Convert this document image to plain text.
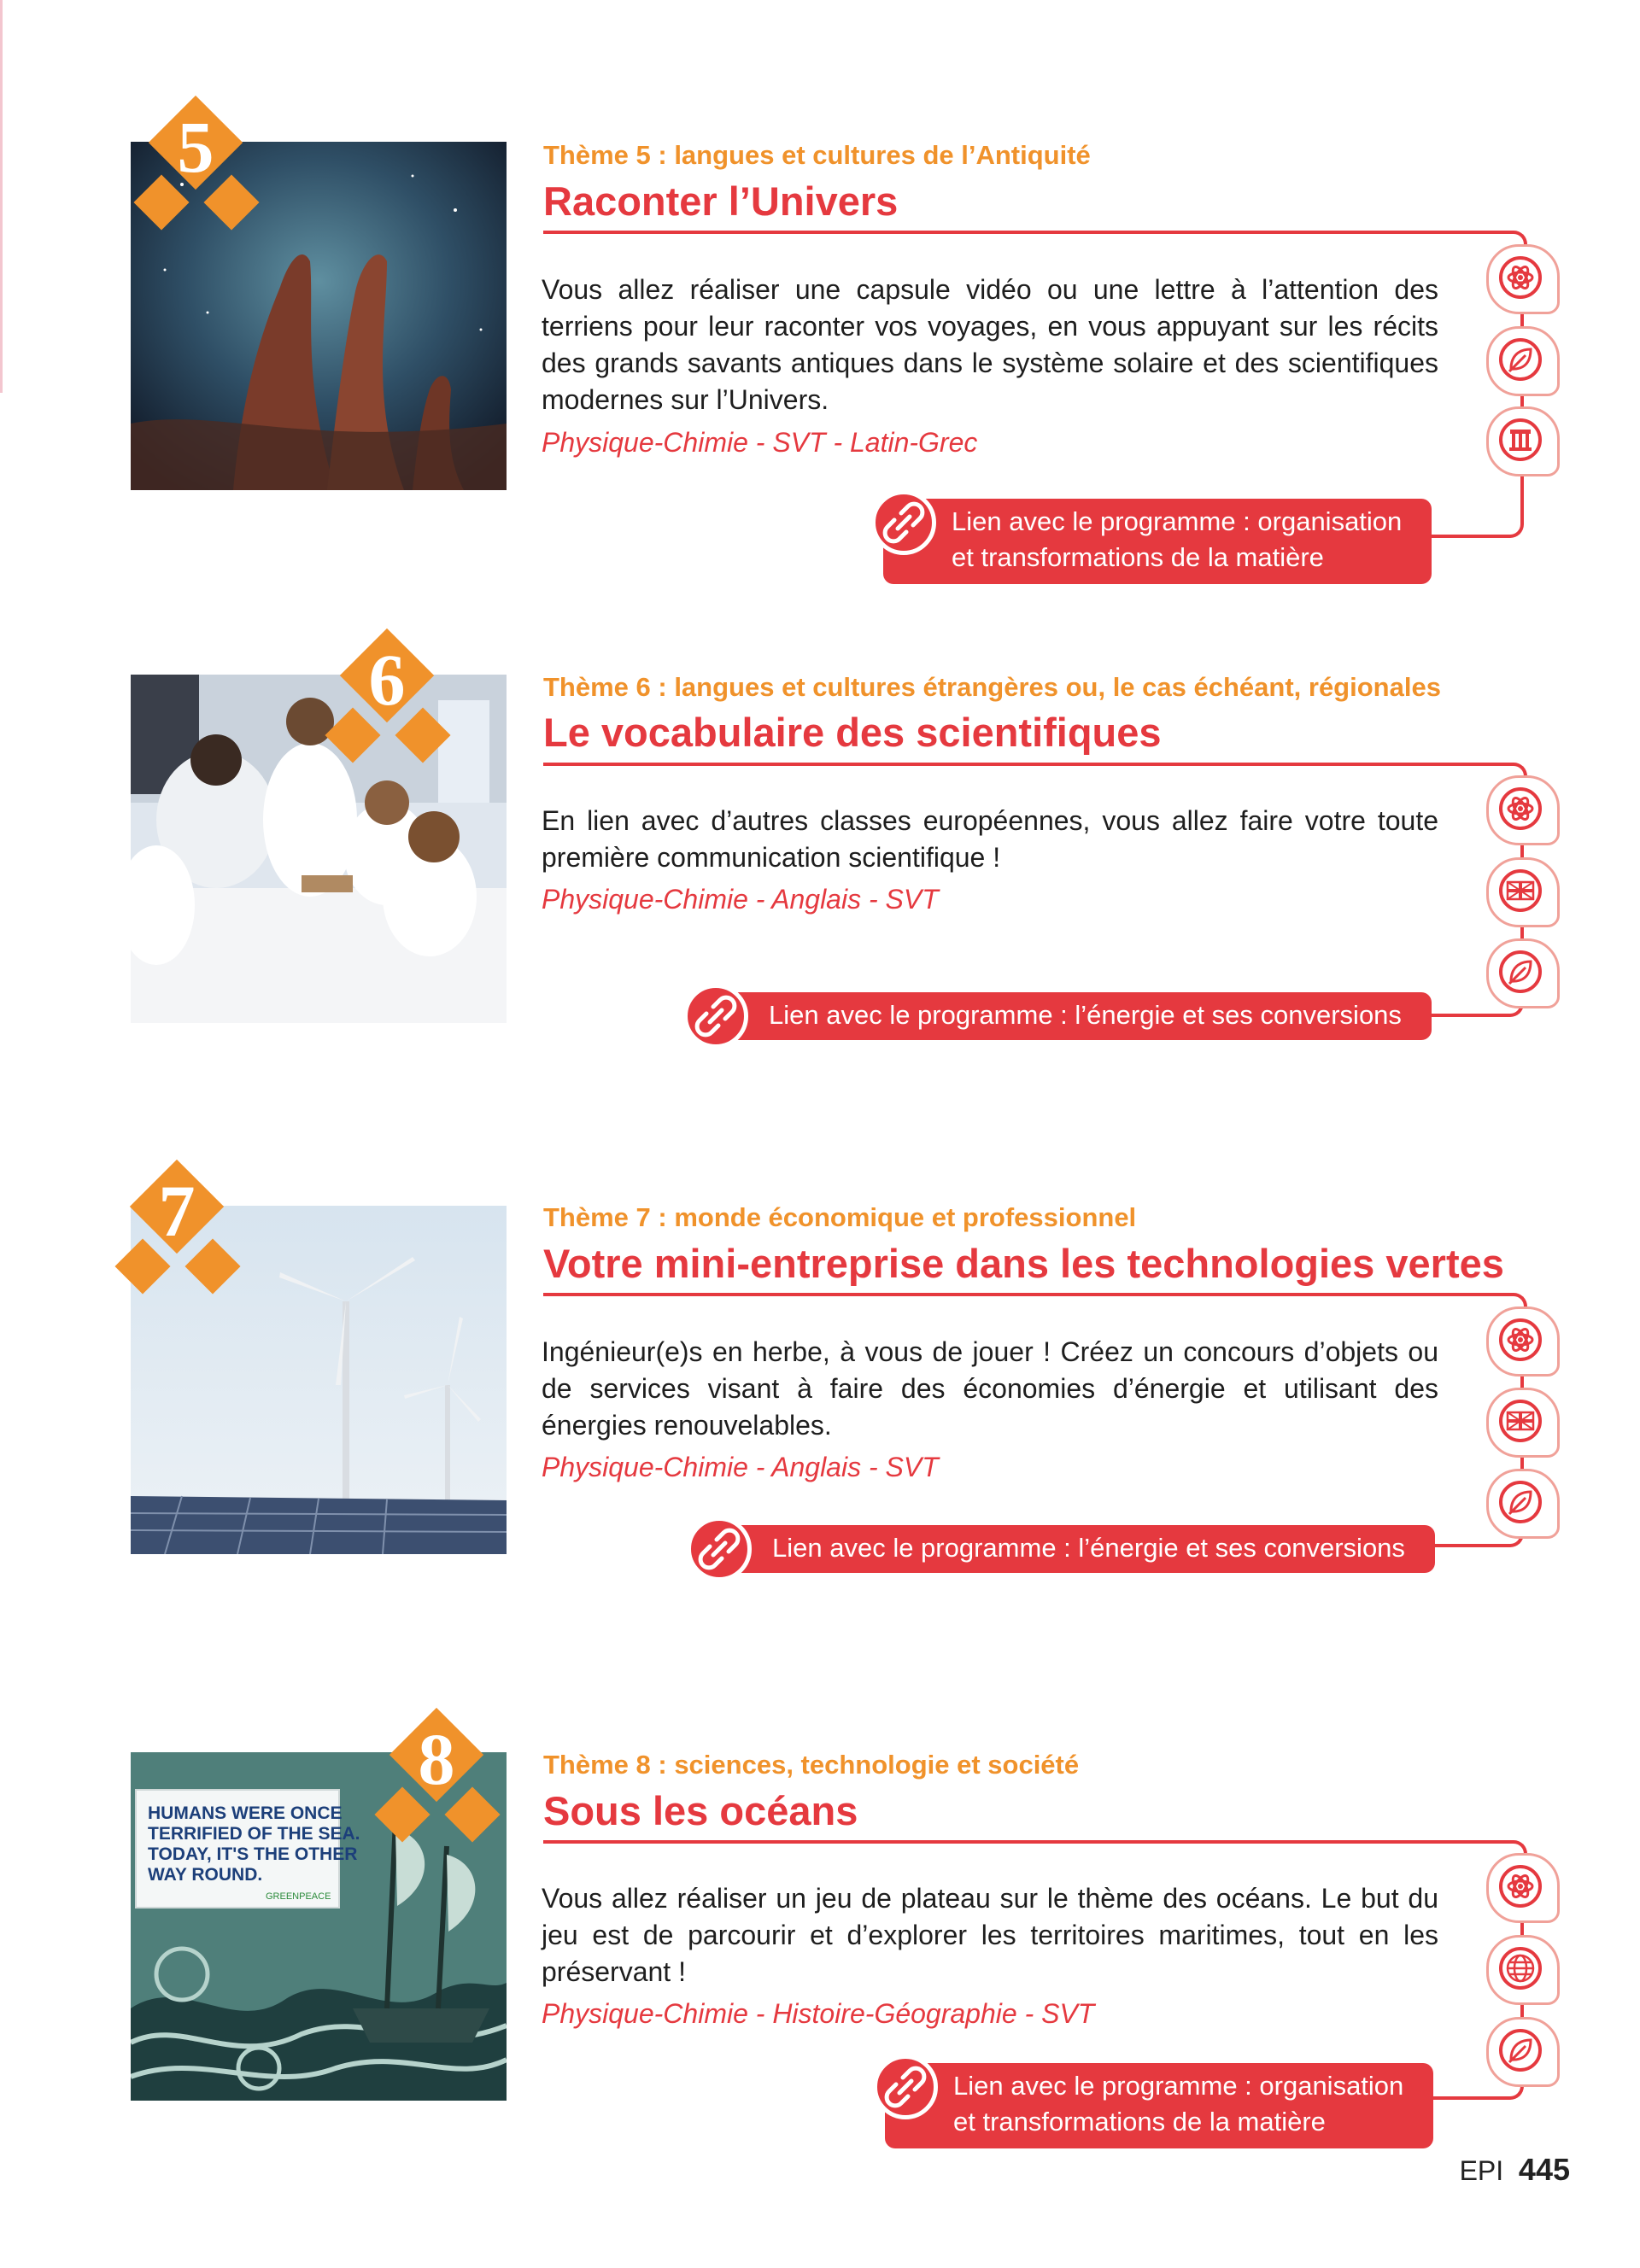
5	Thème 5 : langues et cultures de l’Antiquité
Raconter l’Univers
Vous allez réaliser une capsule vidéo ou une lettre à l’attention des terriens pour leur raconter vos voyages, en vous appuyant sur les récits des grands savants antiques dans le système solaire et des scientifiques modernes sur l’Univers.
Physique-Chimie - SVT - Latin-Grec
Lien avec le programme : organisation
et transformations de la matière
6	Thème 6 : langues et cultures étrangères ou, le cas échéant, régionales
Le vocabulaire des scientifiques
En lien avec d’autres classes européennes, vous allez faire votre toute première communication scientifique !
Physique-Chimie - Anglais - SVT
Lien avec le programme : l’énergie et ses conversions
7	Thème 7 : monde économique et professionnel
Votre mini-entreprise dans les technologies vertes
Ingénieur(e)s en herbe, à vous de jouer ! Créez un concours d’objets ou de services visant à faire des économies d’énergie et utilisant des énergies renouvelables.
Physique-Chimie - Anglais - SVT
Lien avec le programme : l’énergie et ses conversions
HUMANS WERE ONCE
TERRIFIED OF THE SEA.
TODAY, IT'S THE OTHER
WAY ROUND.
GREENPEACE
8	Thème 8 : sciences, technologie et société
Sous les océans
Vous allez réaliser un jeu de plateau sur le thème des océans. Le but du jeu est de parcourir et d’explorer les territoires maritimes, tout en les préservant !
Physique-Chimie - Histoire-Géographie - SVT
Lien avec le programme : organisation
et transformations de la matière
EPI 445
